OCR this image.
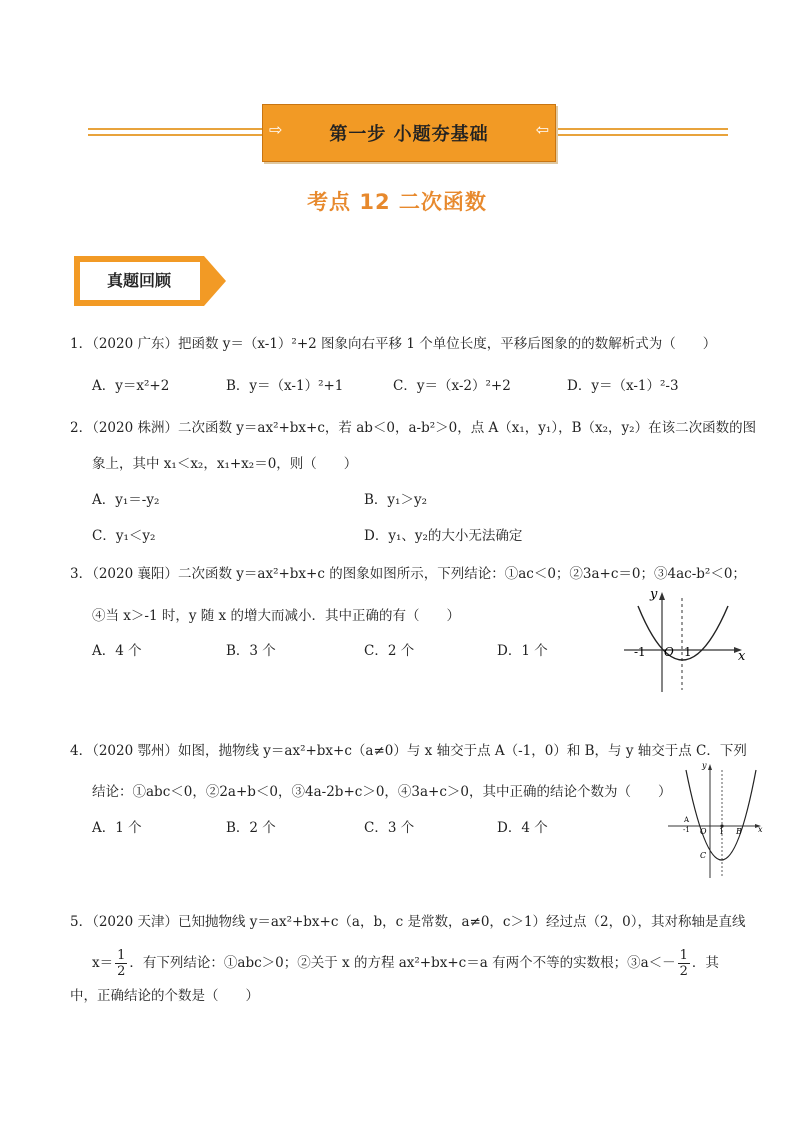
⇨	第一步 小题夯基础	⇦
考点 12 二次函数
真题回顾
1．（2020 广东）把函数 y＝（x-1）²+2 图象向右平移 1 个单位长度，平移后图象的的数解析式为（　　）
A．y＝x²+2	B．y＝（x-1）²+1	C．y＝（x-2）²+2	D．y＝（x-1）²-3
2．（2020 株洲）二次函数 y＝ax²+bx+c，若 ab＜0，a-b²＞0，点 A（x₁，y₁），B（x₂，y₂）在该二次函数的图
象上，其中 x₁＜x₂，x₁+x₂＝0，则（　　）
A．y₁＝-y₂	B．y₁＞y₂
C．y₁＜y₂	D．y₁、y₂的大小无法确定
3．（2020 襄阳）二次函数 y＝ax²+bx+c 的图象如图所示，下列结论：①ac＜0；②3a+c＝0；③4ac-b²＜0；
④当 x＞-1 时，y 随 x 的增大而减小．其中正确的有（　　）
A．4 个	B．3 个	C．2 个	D．1 个
y
x
-1 O 1
4．（2020 鄂州）如图，抛物线 y＝ax²+bx+c（a≠0）与 x 轴交于点 A（-1，0）和 B，与 y 轴交于点 C．下列
结论：①abc＜0，②2a+b＜0，③4a-2b+c＞0，④3a+c＞0，其中正确的结论个数为（　　）
A．1 个	B．2 个	C．3 个	D．4 个
y
x
A
-1 O 1 B
C
5．（2020 天津）已知抛物线 y＝ax²+bx+c（a，b，c 是常数，a≠0，c＞1）经过点（2，0），其对称轴是直线
$x= \frac{1}{2}$ ．有下列结论：①abc＞0；②关于 x 的方程 ax²+bx+c＝a 有两个不等的实数根；③a＜－ $\frac{1}{2}$ ．其
中，正确结论的个数是（　　）
